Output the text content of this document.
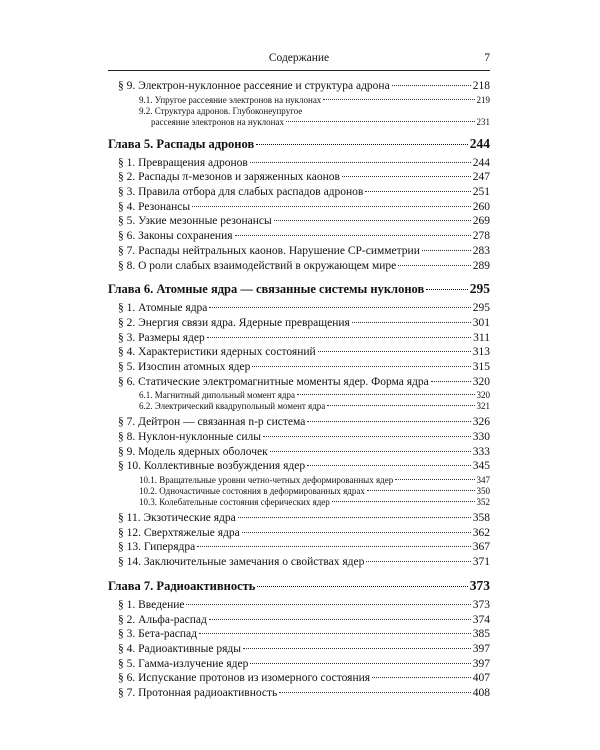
Содержание	7
§ 9. Электрон-нуклонное рассеяние и структура адрона	218
9.1. Упругое рассеяние электронов на нуклонах	219
9.2. Структура адронов. Глубоконеупругое
рассеяние электронов на нуклонах	231
Глава 5. Распады адронов	244
§ 1. Превращения адронов	244
§ 2. Распады π-мезонов и заряженных каонов	247
§ 3. Правила отбора для слабых распадов адронов	251
§ 4. Резонансы	260
§ 5. Узкие мезонные резонансы	269
§ 6. Законы сохранения	278
§ 7. Распады нейтральных каонов. Нарушение CP-симметрии	283
§ 8. О роли слабых взаимодействий в окружающем мире	289
Глава 6. Атомные ядра — связанные системы нуклонов	295
§ 1. Атомные ядра	295
§ 2. Энергия связи ядра. Ядерные превращения	301
§ 3. Размеры ядер	311
§ 4. Характеристики ядерных состояний	313
§ 5. Изоспин атомных ядер	315
§ 6. Статические электромагнитные моменты ядер. Форма ядра	320
6.1. Магнитный дипольный момент ядра	320
6.2. Электрический квадрупольный момент ядра	321
§ 7. Дейтрон — связанная n-p система	326
§ 8. Нуклон-нуклонные силы	330
§ 9. Модель ядерных оболочек	333
§ 10. Коллективные возбуждения ядер	345
10.1. Вращательные уровни четно-четных деформированных ядер	347
10.2. Одночастичные состояния в деформированных ядрах	350
10.3. Колебательные состояния сферических ядер	352
§ 11. Экзотические ядра	358
§ 12. Сверхтяжелые ядра	362
§ 13. Гиперядра	367
§ 14. Заключительные замечания о свойствах ядер	371
Глава 7. Радиоактивность	373
§ 1. Введение	373
§ 2. Альфа-распад	374
§ 3. Бета-распад	385
§ 4. Радиоактивные ряды	397
§ 5. Гамма-излучение ядер	397
§ 6. Испускание протонов из изомерного состояния	407
§ 7. Протонная радиоактивность	408
